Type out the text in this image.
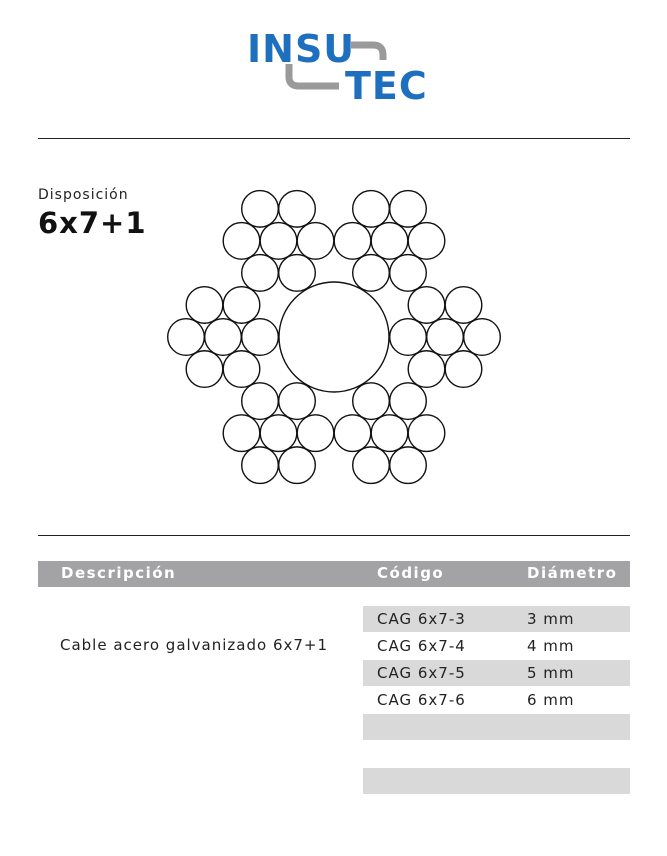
INSU
TEC
Disposición
6x7+1
Descripción	Código	Diámetro
Cable acero galvanizado 6x7+1
CAG 6x7-3	3 mm
CAG 6x7-4	4 mm
CAG 6x7-5	5 mm
CAG 6x7-6	6 mm
